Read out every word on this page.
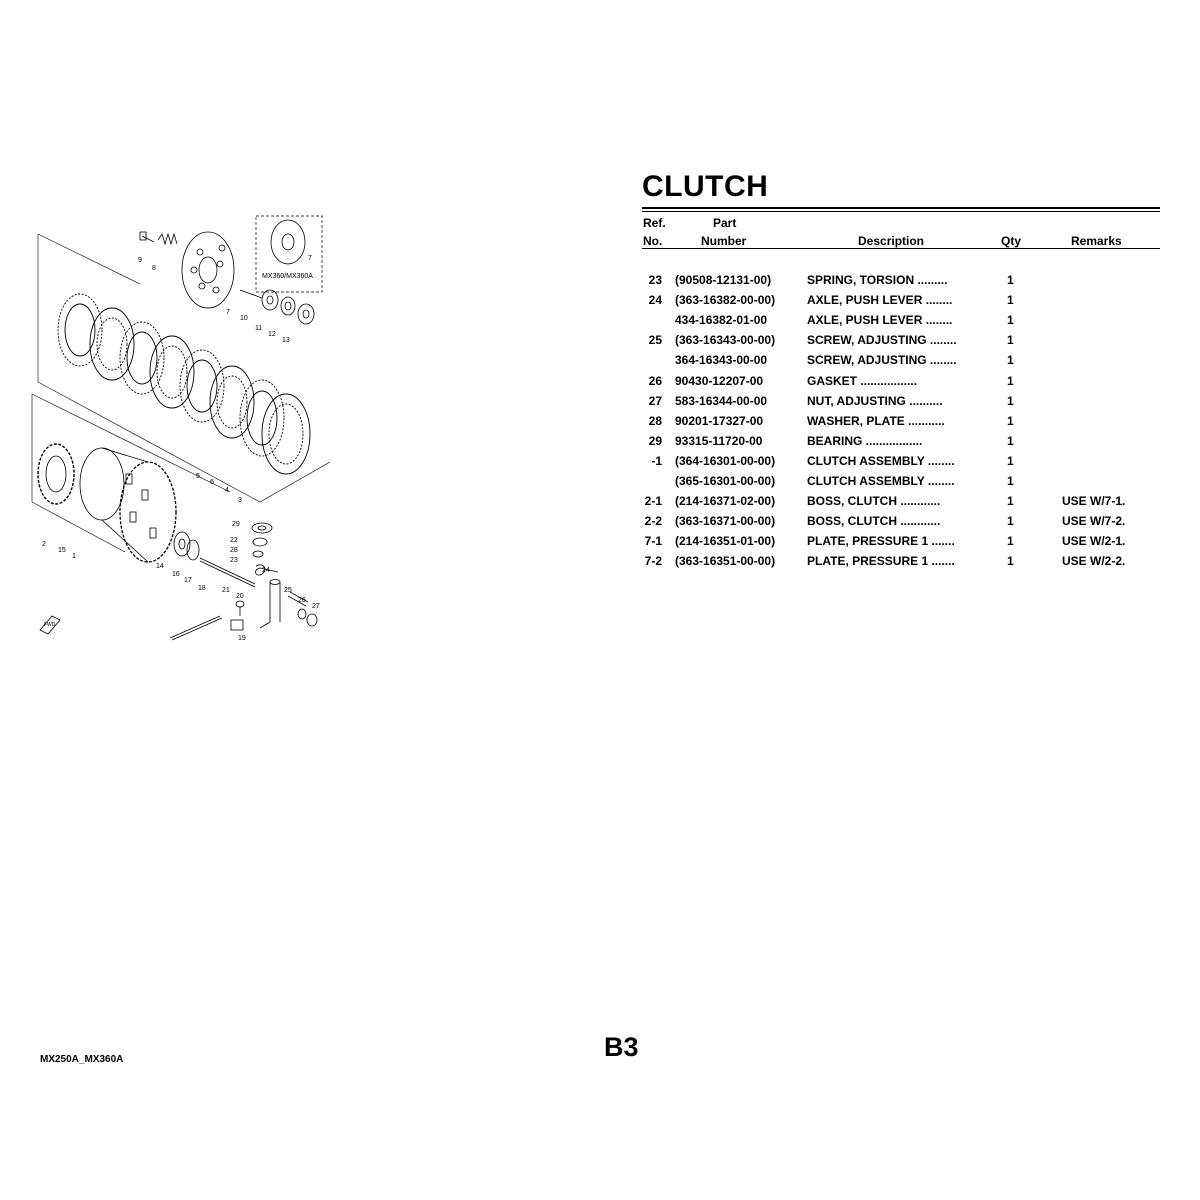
MX360/MX360A
7
9
8
7
10
11
12
13
5
6
4
3
2
15
1
14
16
17
18
29
22
28
23
24
21
20
19
25
26
27
FWD
CLUTCH
Ref.
No.
Part
Number	Description	Qty	Remarks
23 (90508-12131-00)	SPRING, TORSION .........	1
24 (363-16382-00-00)	AXLE, PUSH LEVER ........	1
434-16382-01-00	AXLE, PUSH LEVER ........	1
25 (363-16343-00-00)	SCREW, ADJUSTING ........	1
364-16343-00-00	SCREW, ADJUSTING ........	1
26 90430-12207-00	GASKET .................	1
27 583-16344-00-00	NUT, ADJUSTING ..........	1
28 90201-17327-00	WASHER, PLATE ...........	1
29 93315-11720-00	BEARING .................	1
-1 (364-16301-00-00)	CLUTCH ASSEMBLY ........	1
(365-16301-00-00)	CLUTCH ASSEMBLY ........	1
2-1 (214-16371-02-00)	BOSS, CLUTCH ............	1	USE W/7-1.
2-2 (363-16371-00-00)	BOSS, CLUTCH ............	1	USE W/7-2.
7-1 (214-16351-01-00)	PLATE, PRESSURE 1 .......	1	USE W/2-1.
7-2 (363-16351-00-00)	PLATE, PRESSURE 1 .......	1	USE W/2-2.
MX250A_MX360A	B3
